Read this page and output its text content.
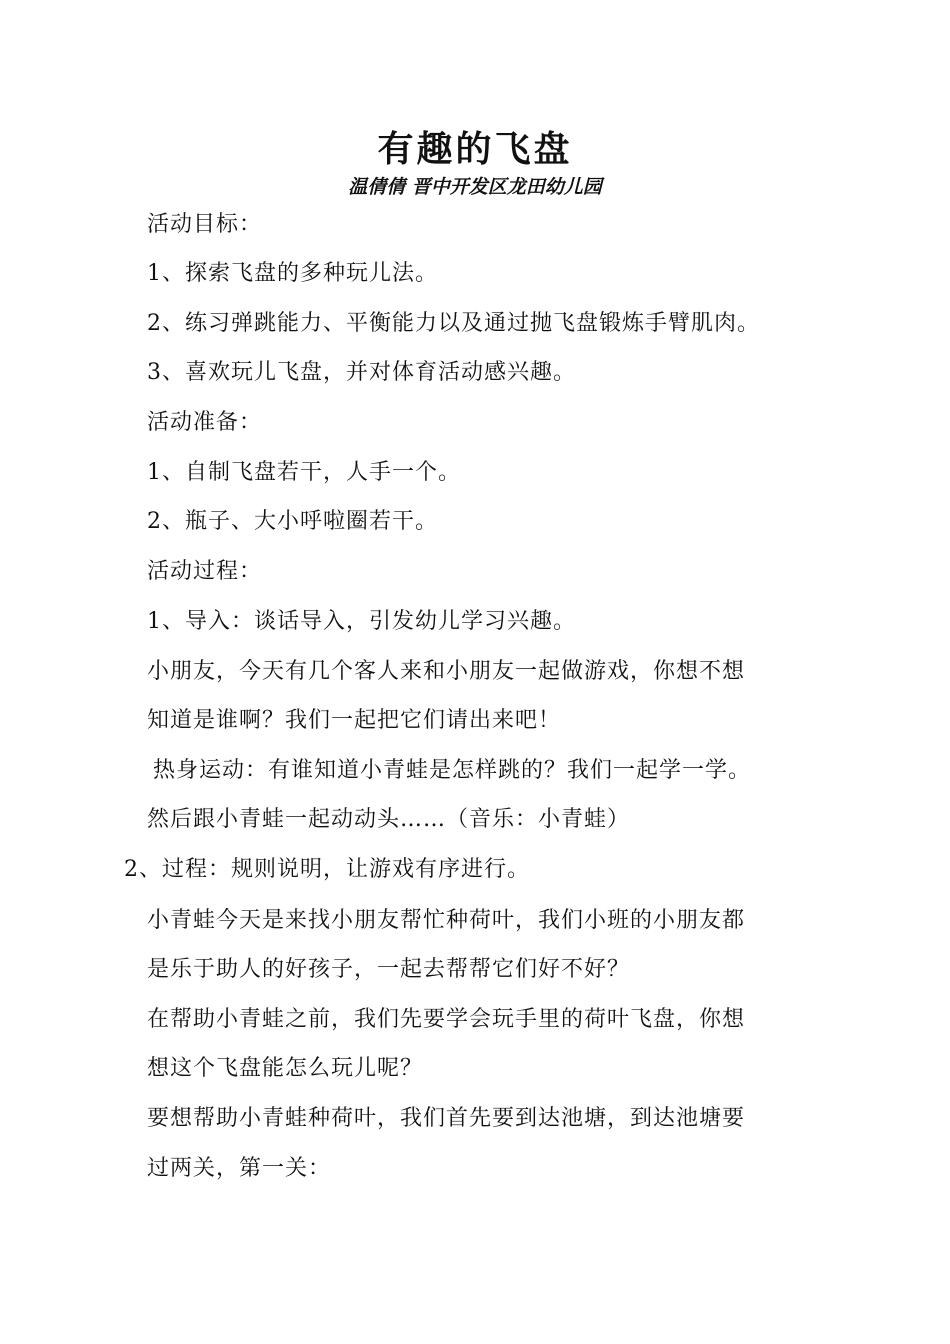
有趣的飞盘
温倩倩 晋中开发区龙田幼儿园
活动目标：
1、探索飞盘的多种玩儿法。
2、练习弹跳能力、平衡能力以及通过抛飞盘锻炼手臂肌肉。
3、喜欢玩儿飞盘，并对体育活动感兴趣。
活动准备：
1、自制飞盘若干，人手一个。
2、瓶子、大小呼啦圈若干。
活动过程：
1、导入：谈话导入，引发幼儿学习兴趣。
小朋友，今天有几个客人来和小朋友一起做游戏，你想不想
知道是谁啊？我们一起把它们请出来吧！
热身运动：有谁知道小青蛙是怎样跳的？我们一起学一学。
然后跟小青蛙一起动动头……（音乐：小青蛙）
2、过程：规则说明，让游戏有序进行。
小青蛙今天是来找小朋友帮忙种荷叶，我们小班的小朋友都
是乐于助人的好孩子，一起去帮帮它们好不好？
在帮助小青蛙之前，我们先要学会玩手里的荷叶飞盘，你想
想这个飞盘能怎么玩儿呢？
要想帮助小青蛙种荷叶，我们首先要到达池塘，到达池塘要
过两关，第一关：
